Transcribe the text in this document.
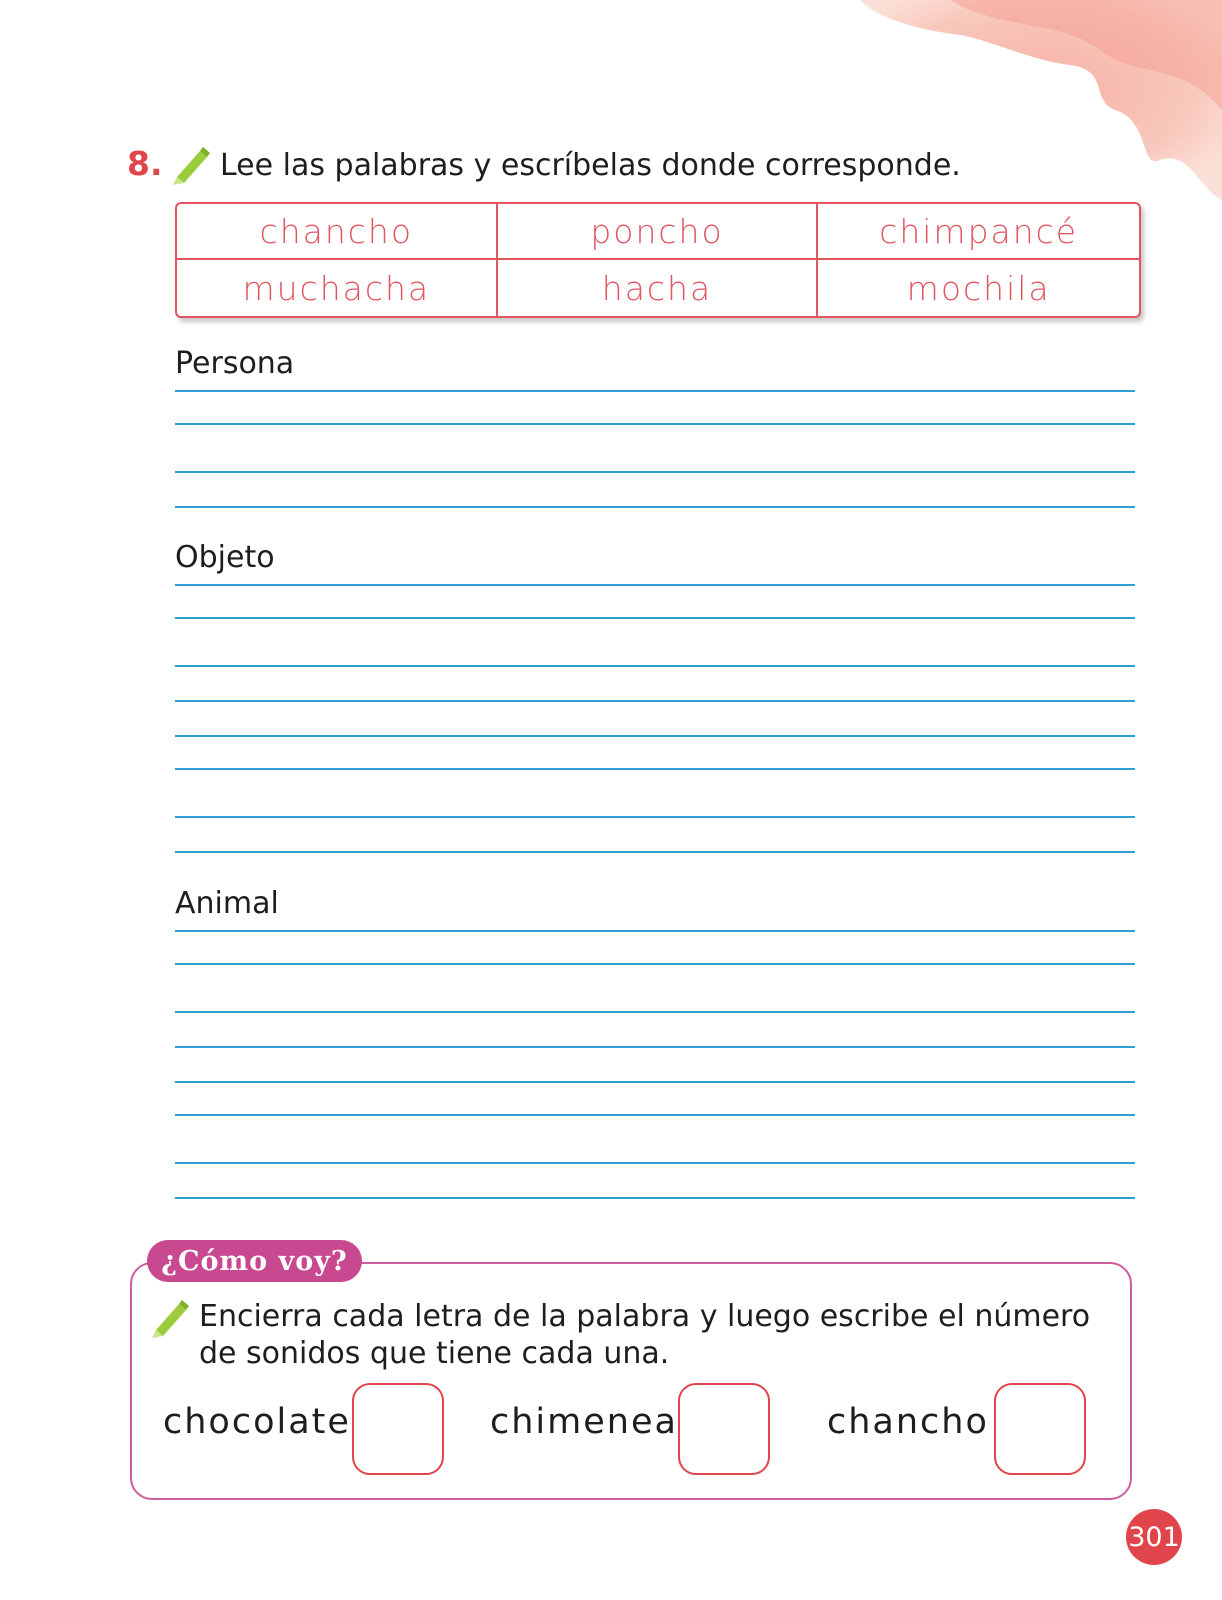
8. Lee las palabras y escríbelas donde corresponde.
chancho	poncho	chimpancé
muchacha	hacha	mochila
Persona
Objeto
Animal
¿Cómo voy?
Encierra cada letra de la palabra y luego escribe el número
de sonidos que tiene cada una.
chocolate	chimenea	chancho
301
